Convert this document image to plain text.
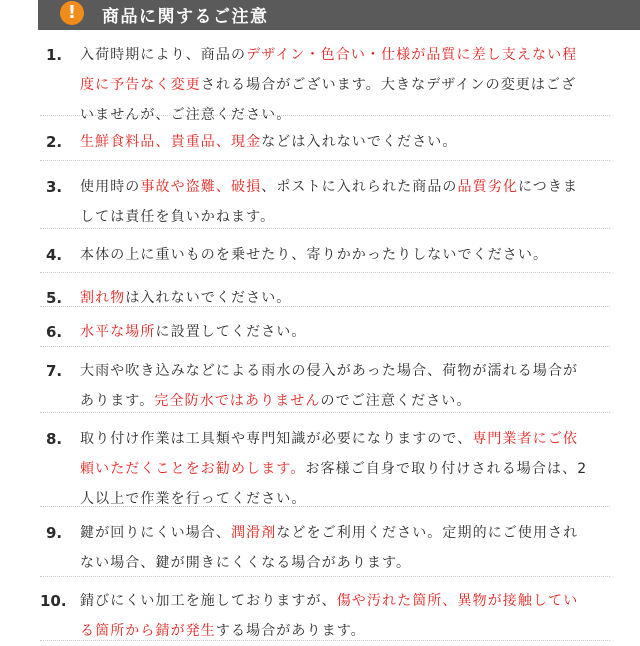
!	商品に関するご注意
1.	入荷時期により、商品のデザイン・色合い・仕様が品質に差し支えない程度に予告なく変更される場合がございます。大きなデザインの変更はございませんが、ご注意ください。
2.	生鮮食料品、貴重品、現金などは入れないでください。
3.	使用時の事故や盗難、破損、ポストに入れられた商品の品質劣化につきましては責任を負いかねます。
4.	本体の上に重いものを乗せたり、寄りかかったりしないでください。
5.	割れ物は入れないでください。
6.	水平な場所に設置してください。
7.	大雨や吹き込みなどによる雨水の侵入があった場合、荷物が濡れる場合があります。完全防水ではありませんのでご注意ください。
8.	取り付け作業は工具類や専門知識が必要になりますので、専門業者にご依頼いただくことをお勧めします。お客様ご自身で取り付けされる場合は、2人以上で作業を行ってください。
9.	鍵が回りにくい場合、潤滑剤などをご利用ください。定期的にご使用されない場合、鍵が開きにくくなる場合があります。
10. 錆びにくい加工を施しておりますが、傷や汚れた箇所、異物が接触している箇所から錆が発生する場合があります。
